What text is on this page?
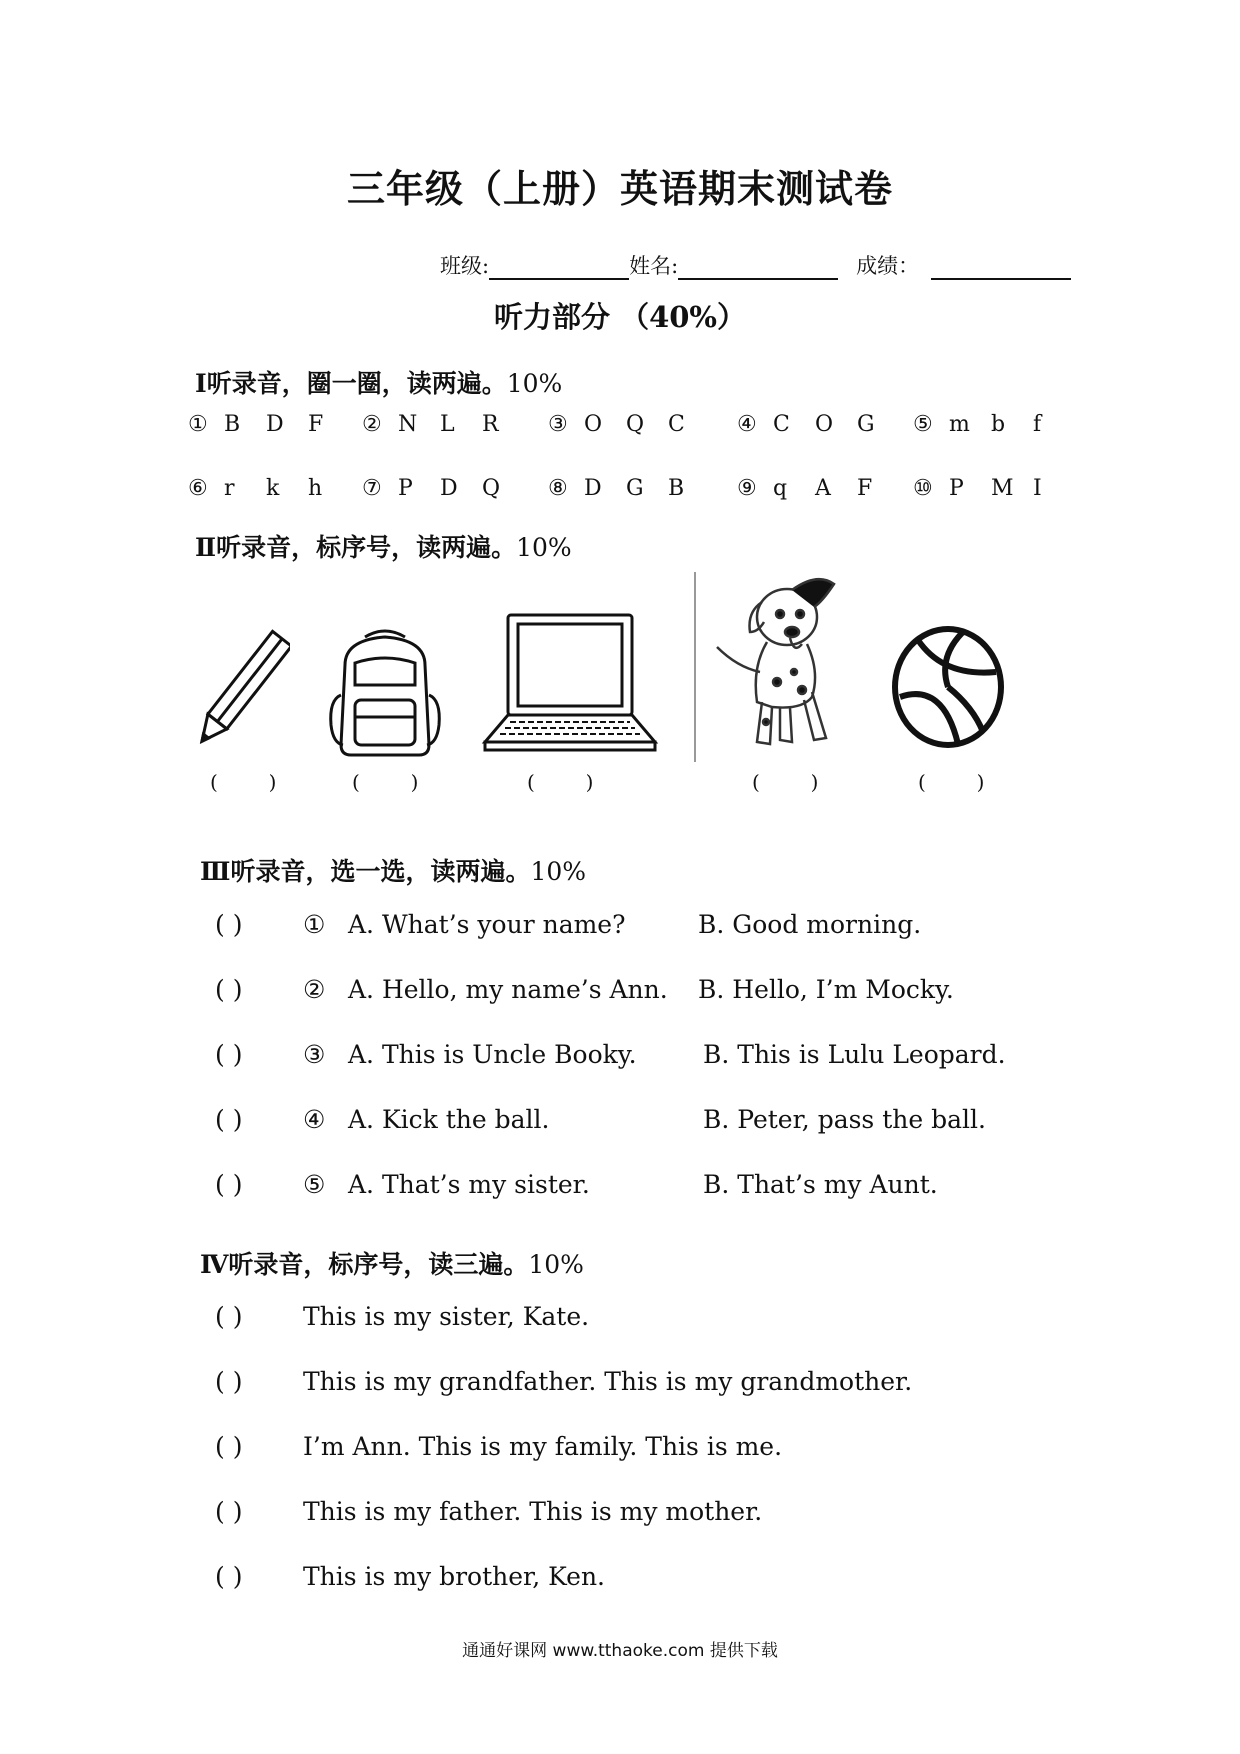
三年级（上册）英语期末测试卷
班级:	姓名:	成绩：
听力部分 （40%）
Ⅰ听录音，圈一圈，读两遍。10%
① B D F ② N L R ③ O Q C ④ C O G ⑤ m b f
⑥ r k h ⑦ P D Q ⑧ D G B ⑨ q A F ⑩ P M I
Ⅱ听录音，标序号，读两遍。10%
(        )	(        )	(        )	(        )	(        )
Ⅲ听录音，选一选，读两遍。10%
( ) ① A. What’s your name?	B. Good morning.
( ) ② A. Hello, my name’s Ann. B. Hello, I’m Mocky.
( ) ③ A. This is Uncle Booky.	B. This is Lulu Leopard.
( ) ④ A. Kick the ball.	B. Peter, pass the ball.
( ) ⑤ A. That’s my sister.	B. That’s my Aunt.
Ⅳ听录音，标序号，读三遍。10%
( ) This is my sister, Kate.
( ) This is my grandfather. This is my grandmother.
( ) I’m Ann. This is my family. This is me.
( ) This is my father. This is my mother.
( ) This is my brother, Ken.
通通好课网 www.tthaoke.com 提供下载
